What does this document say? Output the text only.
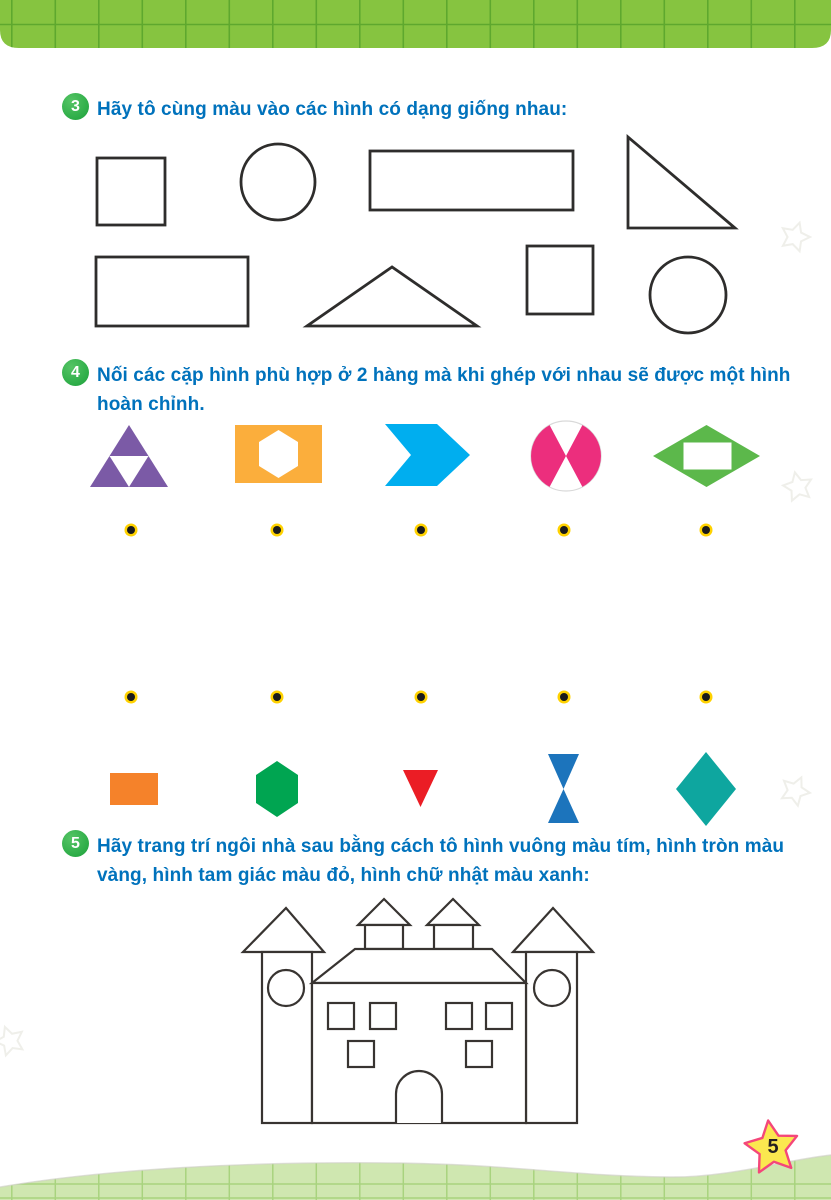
3 Hãy tô cùng màu vào các hình có dạng giống nhau:
4 Nối các cặp hình phù hợp ở 2 hàng mà khi ghép với nhau sẽ được một hình hoàn chỉnh.
5 Hãy trang trí ngôi nhà sau bằng cách tô hình vuông màu tím, hình tròn màu vàng, hình tam giác màu đỏ, hình chữ nhật màu xanh:
5
